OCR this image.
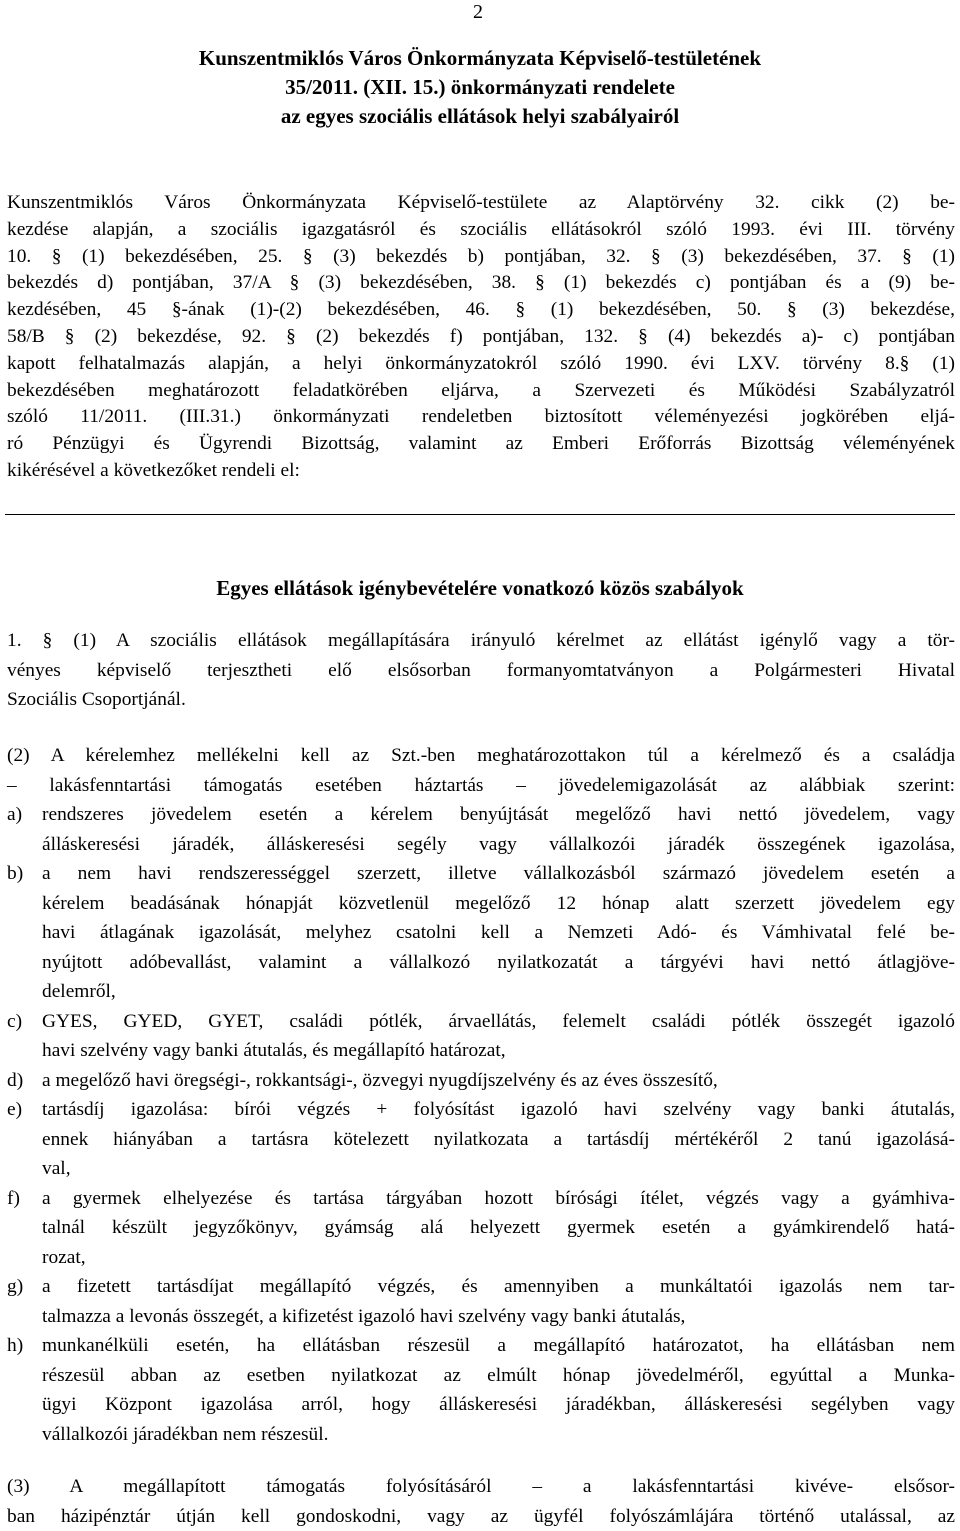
2
Kunszentmiklós Város Önkormányzata Képviselő-testületének
35/2011. (XII. 15.) önkormányzati rendelete
az egyes szociális ellátások helyi szabályairól
Kunszentmiklós Város Önkormányzata Képviselő-testülete az Alaptörvény 32. cikk (2) be-
kezdése alapján, a szociális igazgatásról és szociális ellátásokról szóló 1993. évi III. törvény
10. § (1) bekezdésében, 25. § (3) bekezdés b) pontjában, 32. § (3) bekezdésében, 37. § (1)
bekezdés d) pontjában, 37/A § (3) bekezdésében, 38. § (1) bekezdés c) pontjában és a (9) be-
kezdésében, 45 §-ának (1)-(2) bekezdésében, 46. § (1) bekezdésében, 50. § (3) bekezdése,
58/B § (2) bekezdése, 92. § (2) bekezdés f) pontjában, 132. § (4) bekezdés a)- c) pontjában
kapott felhatalmazás alapján, a helyi önkormányzatokról szóló 1990. évi LXV. törvény 8.§ (1)
bekezdésében meghatározott feladatkörében eljárva, a Szervezeti és Működési Szabályzatról
szóló 11/2011. (III.31.) önkormányzati rendeletben biztosított véleményezési jogkörében eljá-
ró Pénzügyi és Ügyrendi Bizottság, valamint az Emberi Erőforrás Bizottság véleményének
kikérésével a következőket rendeli el:
Egyes ellátások igénybevételére vonatkozó közös szabályok
1. § (1) A szociális ellátások megállapítására irányuló kérelmet az ellátást igénylő vagy a tör-
vényes képviselő terjesztheti elő elsősorban formanyomtatványon a Polgármesteri Hivatal
Szociális Csoportjánál.
(2) A kérelemhez mellékelni kell az Szt.-ben meghatározottakon túl a kérelmező és a családja
– lakásfenntartási támogatás esetében háztartás – jövedelemigazolását az alábbiak szerint:
a) rendszeres jövedelem esetén a kérelem benyújtását megelőző havi nettó jövedelem, vagy
álláskeresési járadék, álláskeresési segély vagy vállalkozói járadék összegének igazolása,
b) a nem havi rendszerességgel szerzett, illetve vállalkozásból származó jövedelem esetén a
kérelem beadásának hónapját közvetlenül megelőző 12 hónap alatt szerzett jövedelem egy
havi átlagának igazolását, melyhez csatolni kell a Nemzeti Adó- és Vámhivatal felé be-
nyújtott adóbevallást, valamint a vállalkozó nyilatkozatát a tárgyévi havi nettó átlagjöve-
delemről,
c) GYES, GYED, GYET, családi pótlék, árvaellátás, felemelt családi pótlék összegét igazoló
havi szelvény vagy banki átutalás, és megállapító határozat,
d) a megelőző havi öregségi-, rokkantsági-, özvegyi nyugdíjszelvény és az éves összesítő,
e) tartásdíj igazolása: bírói végzés + folyósítást igazoló havi szelvény vagy banki átutalás,
ennek hiányában a tartásra kötelezett nyilatkozata a tartásdíj mértékéről 2 tanú igazolásá-
val,
f) a gyermek elhelyezése és tartása tárgyában hozott bírósági ítélet, végzés vagy a gyámhiva-
talnál készült jegyzőkönyv, gyámság alá helyezett gyermek esetén a gyámkirendelő hatá-
rozat,
g) a fizetett tartásdíjat megállapító végzés, és amennyiben a munkáltatói igazolás nem tar-
talmazza a levonás összegét, a kifizetést igazoló havi szelvény vagy banki átutalás,
h) munkanélküli esetén, ha ellátásban részesül a megállapító határozatot, ha ellátásban nem
részesül abban az esetben nyilatkozat az elmúlt hónap jövedelméről, egyúttal a Munka-
ügyi Központ igazolása arról, hogy álláskeresési járadékban, álláskeresési segélyben vagy
vállalkozói járadékban nem részesül.
(3) A megállapított támogatás folyósításáról – a lakásfenntartási kivéve- elsősor-
ban házipénztár útján kell gondoskodni, vagy az ügyfél folyószámlájára történő utalással, az
